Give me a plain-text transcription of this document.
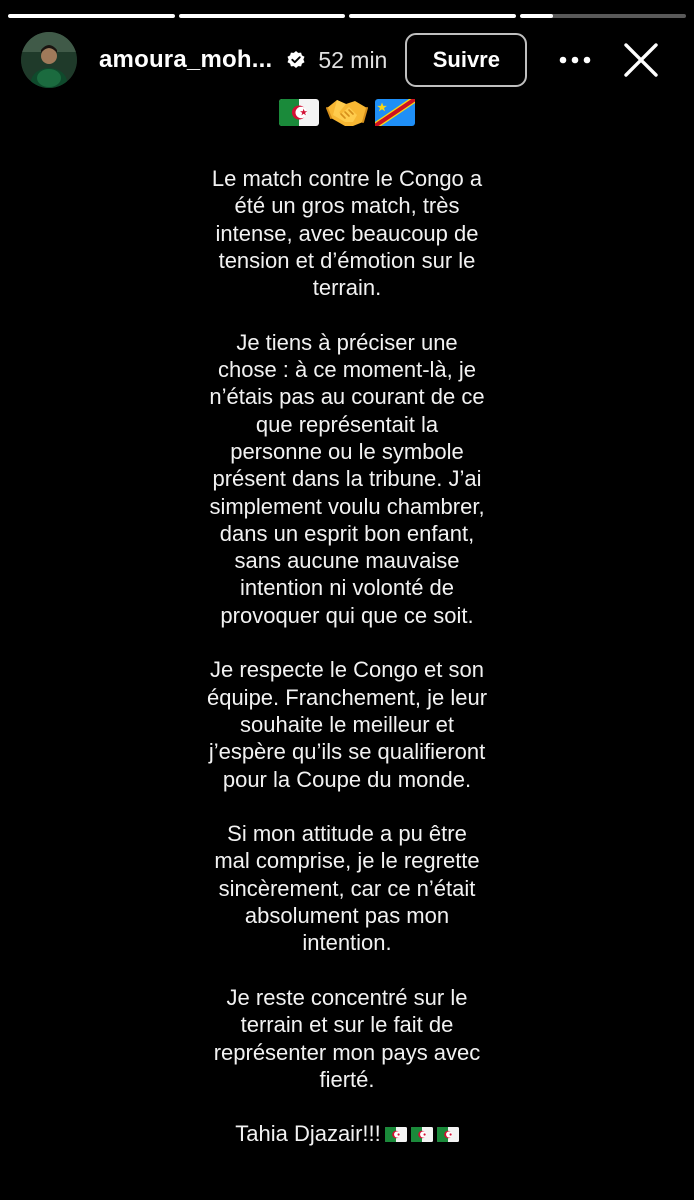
amoura_moh... 52 min	Suivre
Le match contre le Congo a
été un gros match, très
intense, avec beaucoup de
tension et d’émotion sur le
terrain.
Je tiens à préciser une
chose : à ce moment-là, je
n’étais pas au courant de ce
que représentait la
personne ou le symbole
présent dans la tribune. J’ai
simplement voulu chambrer,
dans un esprit bon enfant,
sans aucune mauvaise
intention ni volonté de
provoquer qui que ce soit.
Je respecte le Congo et son
équipe. Franchement, je leur
souhaite le meilleur et
j’espère qu’ils se qualifieront
pour la Coupe du monde.
Si mon attitude a pu être
mal comprise, je le regrette
sincèrement, car ce n’était
absolument pas mon
intention.
Je reste concentré sur le
terrain et sur le fait de
représenter mon pays avec
fierté.
Tahia Djazair!!!
